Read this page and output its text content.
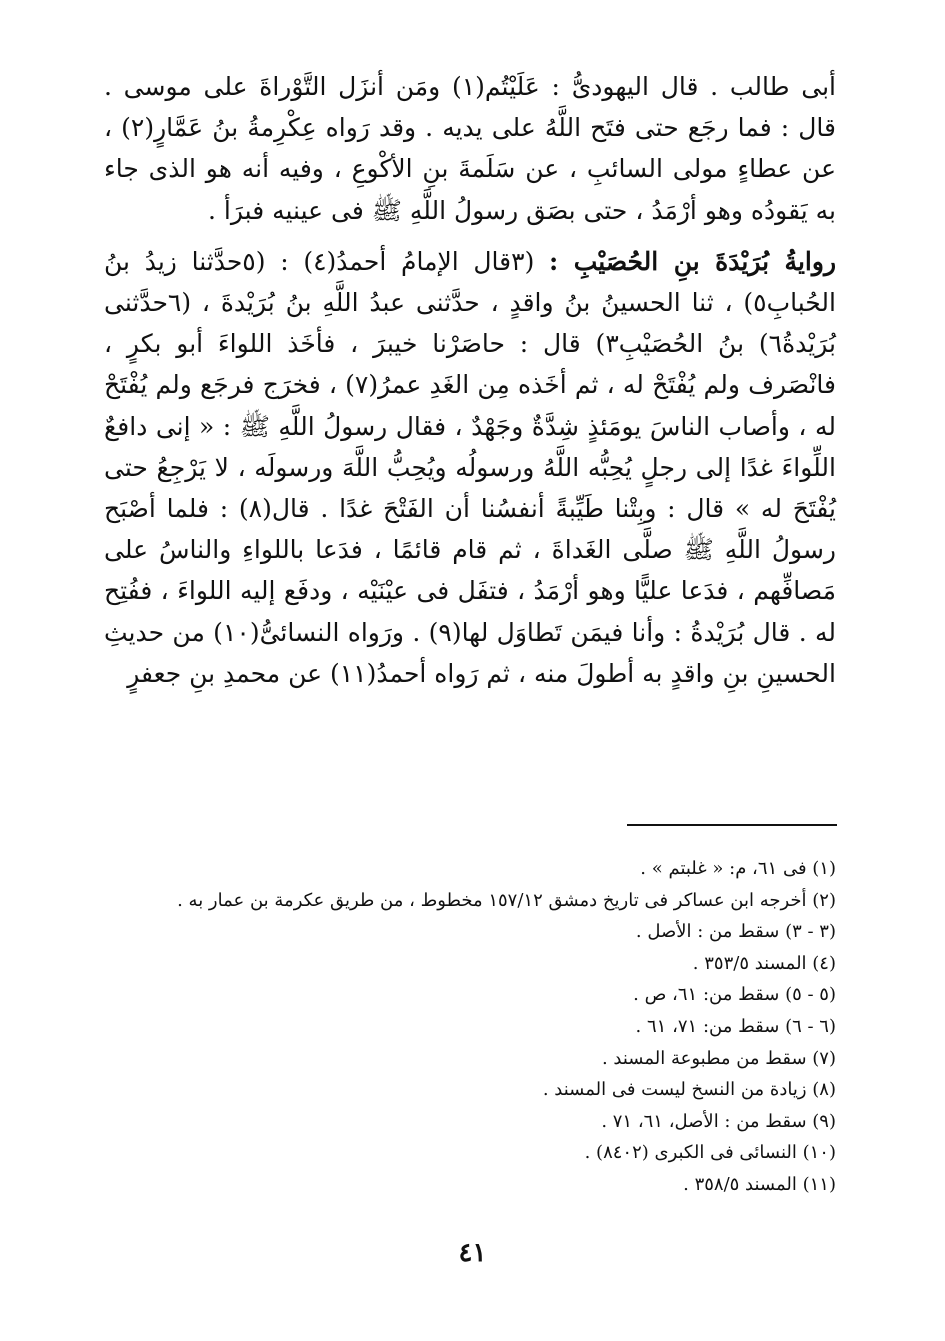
أبى طالب . قال اليهودىُّ : عَلَيْتُم(١) ومَن أنزَل التَّوْراةَ على موسى . قال : فما رجَع حتى فتَح اللَّهُ على يديه . وقد رَواه عِكْرِمةُ بنُ عَمَّارٍ(٢) ، عن عطاءٍ مولى السائبِ ، عن سَلَمةَ بنِ الأكْوعِ ، وفيه أنه هو الذى جاء به يَقودُه وهو أرْمَدُ ، حتى بصَق رسولُ اللَّهِ ﷺ فى عينيه فبرَأ .

روايةُ بُرَيْدَةَ بنِ الحُصَيْبِ : (٣قال الإمامُ أحمدُ(٤) : (٥حدَّثنا زيدُ بنُ الحُبابِ٥) ، ثنا الحسينُ بنُ واقدٍ ، حدَّثنى عبدُ اللَّهِ بنُ بُرَيْدةَ ، (٦حدَّثنى بُرَيْدةُ٦) بنُ الحُصَيْبِ٣) قال : حاصَرْنا خيبرَ ، فأخَذ اللواءَ أبو بكرٍ ، فانْصَرف ولم يُفْتَحْ له ، ثم أخَذه مِن الغَدِ عمرُ(٧) ، فخرَج فرجَع ولم يُفْتَحْ له ، وأصاب الناسَ يومَئذٍ شِدَّةٌ وجَهْدٌ ، فقال رسولُ اللَّهِ ﷺ : « إنى دافعٌ اللِّواءَ غدًا إلى رجلٍ يُحِبُّه اللَّهُ ورسولُه ويُحِبُّ اللَّهَ ورسولَه ، لا يَرْجِعُ حتى يُفْتَحَ له » قال : وبِتْنا طَيِّبةً أنفسُنا أن الفَتْحَ غدًا . قال(٨) : فلما أصْبَح رسولُ اللَّهِ ﷺ صلَّى الغَداةَ ، ثم قام قائمًا ، فدَعا باللواءِ والناسُ على مَصافِّهم ، فدَعا عليًّا وهو أرْمَدُ ، فتفَل فى عيْنَيْه ، ودفَع إليه اللواءَ ، ففُتِح له . قال بُرَيْدةُ : وأنا فيمَن تَطاوَل لها(٩) . ورَواه النسائىُّ(١٠) من حديثِ الحسينِ بنِ واقدٍ به أطولَ منه ، ثم رَواه أحمدُ(١١) عن محمدِ بنِ جعفرٍ

(١) فى ٦١، م: « غلبتم » .

(٢) أخرجه ابن عساكر فى تاريخ دمشق ١٥٧/١٢ مخطوط ، من طريق عكرمة بن عمار به .

(٣ - ٣) سقط من : الأصل .

(٤) المسند ٣٥٣/٥ .

(٥ - ٥) سقط من: ٦١، ص .

(٦ - ٦) سقط من: ٧١، ٦١ .

(٧) سقط من مطبوعة المسند .

(٨) زيادة من النسخ ليست فى المسند .

(٩) سقط من : الأصل، ٦١، ٧١ .

(١٠) النسائى فى الكبرى (٨٤٠٢) .

(١١) المسند ٣٥٨/٥ .

٤١
